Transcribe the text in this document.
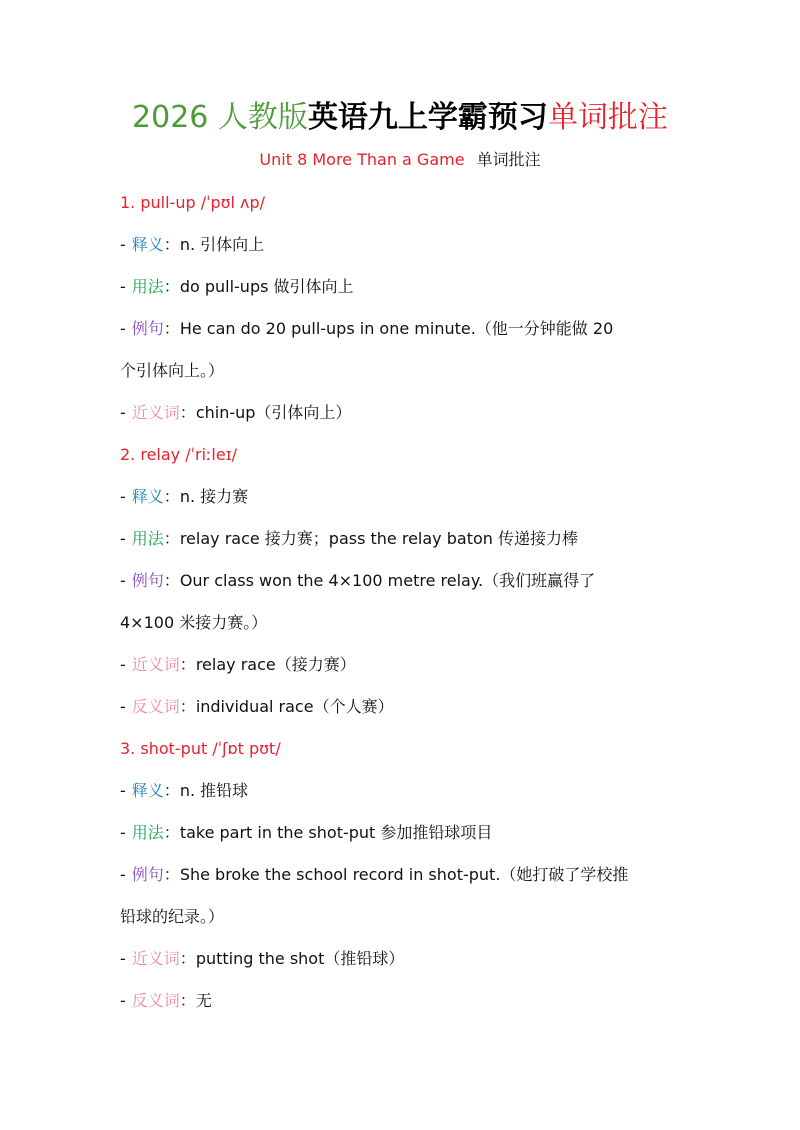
2026 人教版英语九上学霸预习单词批注
Unit 8 More Than a Game 单词批注
1. pull-up /ˈpʊl ʌp/
- 释义：n. 引体向上
- 用法：do pull-ups 做引体向上
- 例句：He can do 20 pull-ups in one minute.（他一分钟能做 20
个引体向上。）
- 近义词：chin-up（引体向上）
2. relay /ˈriːleɪ/
- 释义：n. 接力赛
- 用法：relay race 接力赛；pass the relay baton 传递接力棒
- 例句：Our class won the 4×100 metre relay.（我们班赢得了
4×100 米接力赛。）
- 近义词：relay race（接力赛）
- 反义词：individual race（个人赛）
3. shot-put /ˈʃɒt pʊt/
- 释义：n. 推铅球
- 用法：take part in the shot-put 参加推铅球项目
- 例句：She broke the school record in shot-put.（她打破了学校推
铅球的纪录。）
- 近义词：putting the shot（推铅球）
- 反义词：无
